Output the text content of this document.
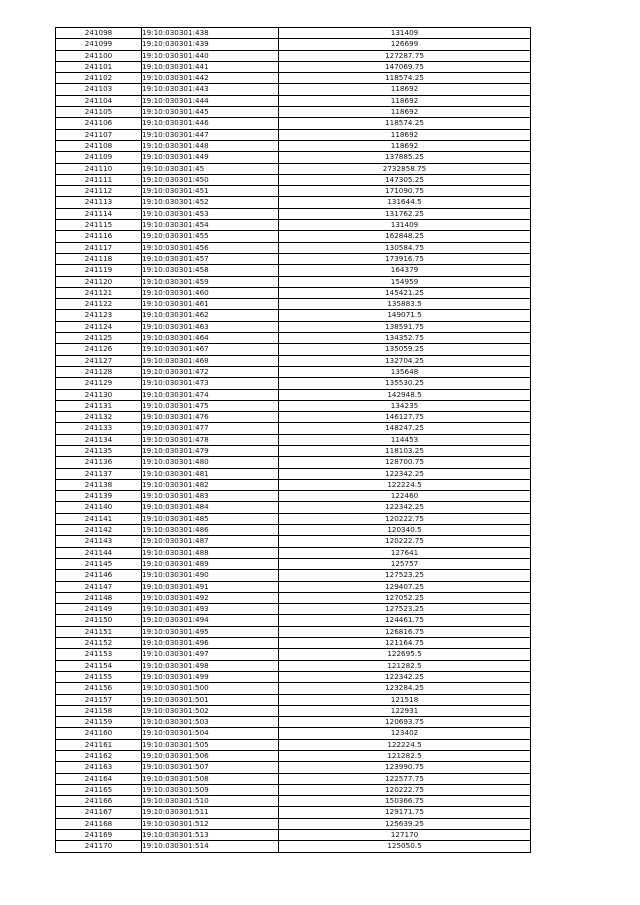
241098	19:10:030301:438	131409
241099	19:10:030301:439	126699
241100	19:10:030301:440	127287.75
241101	19:10:030301:441	147069.75
241102	19:10:030301:442	118574.25
241103	19:10:030301:443	118692
241104	19:10:030301:444	118692
241105	19:10:030301:445	118692
241106	19:10:030301:446	118574.25
241107	19:10:030301:447	118692
241108	19:10:030301:448	118692
241109	19:10:030301:449	137885.25
241110	19:10:030301:45	2732858.75
241111	19:10:030301:450	147305.25
241112	19:10:030301:451	171090.75
241113	19:10:030301:452	131644.5
241114	19:10:030301:453	131762.25
241115	19:10:030301:454	131409
241116	19:10:030301:455	162848.25
241117	19:10:030301:456	130584.75
241118	19:10:030301:457	173916.75
241119	19:10:030301:458	164379
241120	19:10:030301:459	154959
241121	19:10:030301:460	145421.25
241122	19:10:030301:461	135883.5
241123	19:10:030301:462	149071.5
241124	19:10:030301:463	138591.75
241125	19:10:030301:464	134352.75
241126	19:10:030301:467	135059.25
241127	19:10:030301:468	132704.25
241128	19:10:030301:472	135648
241129	19:10:030301:473	135530.25
241130	19:10:030301:474	142948.5
241131	19:10:030301:475	134235
241132	19:10:030301:476	146127.75
241133	19:10:030301:477	148247.25
241134	19:10:030301:478	114453
241135	19:10:030301:479	118103.25
241136	19:10:030301:480	128700.75
241137	19:10:030301:481	122342.25
241138	19:10:030301:482	122224.5
241139	19:10:030301:483	122460
241140	19:10:030301:484	122342.25
241141	19:10:030301:485	120222.75
241142	19:10:030301:486	120340.5
241143	19:10:030301:487	120222.75
241144	19:10:030301:488	127641
241145	19:10:030301:489	125757
241146	19:10:030301:490	127523.25
241147	19:10:030301:491	129407.25
241148	19:10:030301:492	127052.25
241149	19:10:030301:493	127523.25
241150	19:10:030301:494	124461.75
241151	19:10:030301:495	126816.75
241152	19:10:030301:496	121164.75
241153	19:10:030301:497	122695.5
241154	19:10:030301:498	121282.5
241155	19:10:030301:499	122342.25
241156	19:10:030301:500	123284.25
241157	19:10:030301:501	121518
241158	19:10:030301:502	122931
241159	19:10:030301:503	120693.75
241160	19:10:030301:504	123402
241161	19:10:030301:505	122224.5
241162	19:10:030301:506	121282.5
241163	19:10:030301:507	123990.75
241164	19:10:030301:508	122577.75
241165	19:10:030301:509	120222.75
241166	19:10:030301:510	150366.75
241167	19:10:030301:511	129171.75
241168	19:10:030301:512	125639.25
241169	19:10:030301:513	127170
241170	19:10:030301:514	125050.5
